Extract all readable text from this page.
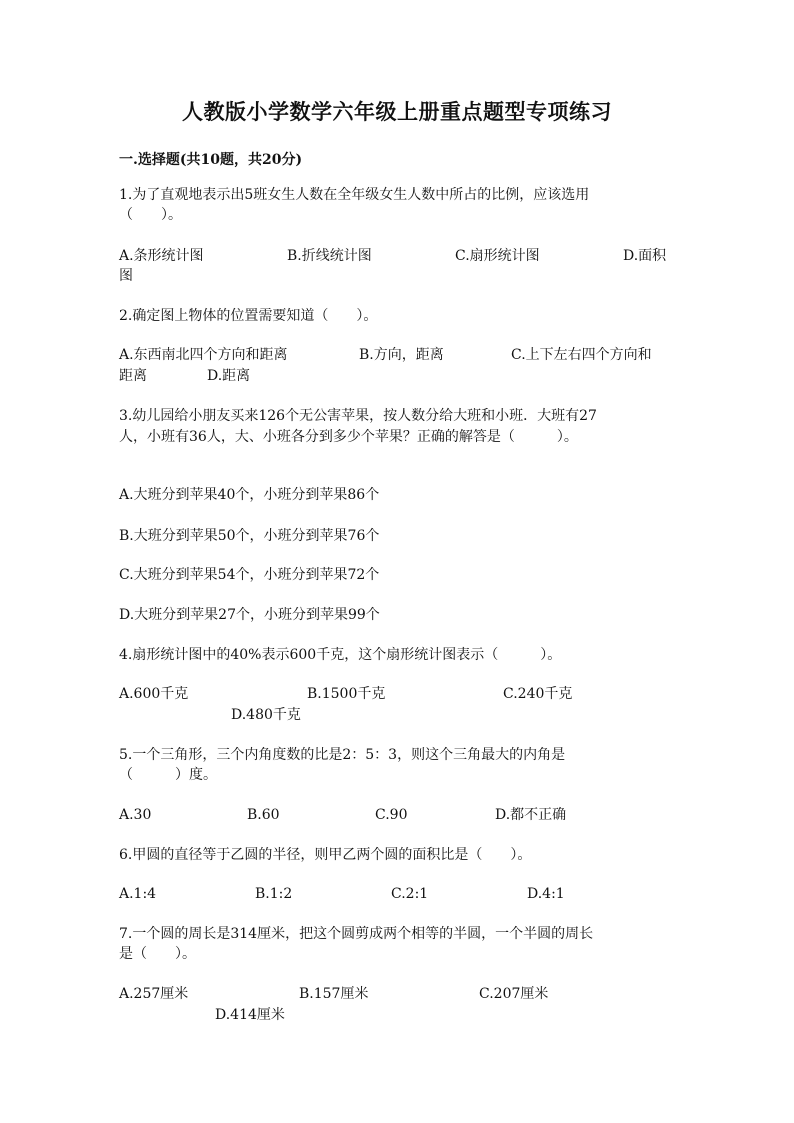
人教版小学数学六年级上册重点题型专项练习
一.选择题(共10题，共20分)
1.为了直观地表示出5班女生人数在全年级女生人数中所占的比例，应该选用
（　　）。
A.条形统计图	B.折线统计图	C.扇形统计图	D.面积
图
2.确定图上物体的位置需要知道（　　）。
A.东西南北四个方向和距离	B.方向，距离	C.上下左右四个方向和
距离	D.距离
3.幼儿园给小朋友买来126个无公害苹果，按人数分给大班和小班．大班有27
人，小班有36人，大、小班各分到多少个苹果？正确的解答是（　　　）。
A.大班分到苹果40个，小班分到苹果86个
B.大班分到苹果50个，小班分到苹果76个
C.大班分到苹果54个，小班分到苹果72个
D.大班分到苹果27个，小班分到苹果99个
4.扇形统计图中的40%表示600千克，这个扇形统计图表示（　　　）。
A.600千克	B.1500千克	C.240千克
D.480千克
5.一个三角形，三个内角度数的比是2：5：3，则这个三角最大的内角是
（　　　）度。
A.30	B.60	C.90	D.都不正确
6.甲圆的直径等于乙圆的半径，则甲乙两个圆的面积比是（　　）。
A.1:4	B.1:2	C.2:1	D.4:1
7.一个圆的周长是314厘米，把这个圆剪成两个相等的半圆，一个半圆的周长
是（　　）。
A.257厘米	B.157厘米	C.207厘米
D.414厘米
